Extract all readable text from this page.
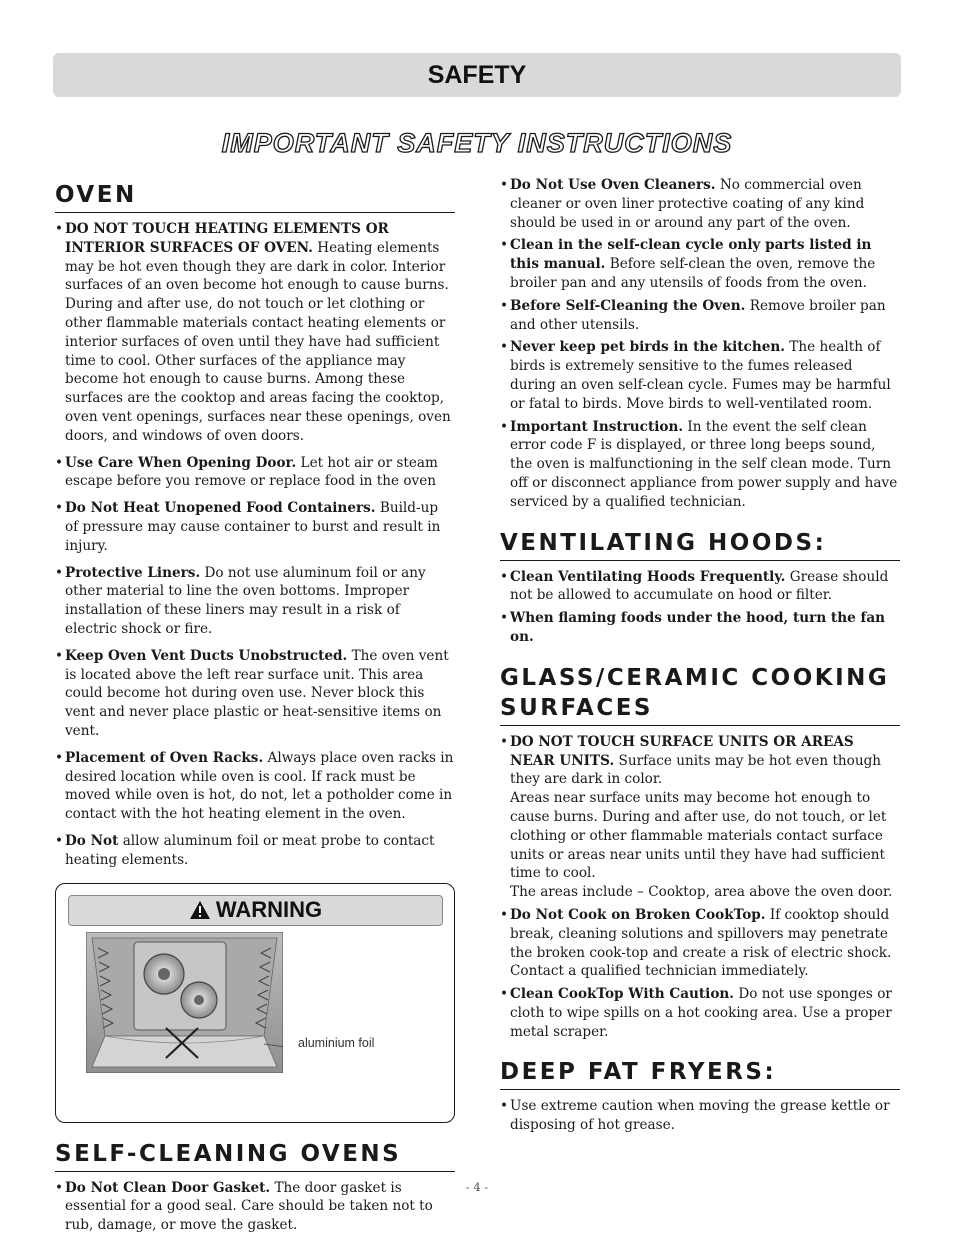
SAFETY
IMPORTANT SAFETY INSTRUCTIONS
OVEN
• DO NOT TOUCH HEATING ELEMENTS OR INTERIOR SURFACES OF OVEN. Heating elements may be hot even though they are dark in color. Interior surfaces of an oven become hot enough to cause burns. During and after use, do not touch or let clothing or other flammable materials contact heating elements or interior surfaces of oven until they have had sufficient time to cool. Other surfaces of the appliance may become hot enough to cause burns. Among these surfaces are the cooktop and areas facing the cooktop, oven vent openings, surfaces near these openings, oven doors, and windows of oven doors.
• Use Care When Opening Door. Let hot air or steam escape before you remove or replace food in the oven
• Do Not Heat Unopened Food Containers. Build-up of pressure may cause container to burst and result in injury.
• Protective Liners. Do not use aluminum foil or any other material to line the oven bottoms. Improper installation of these liners may result in a risk of electric shock or fire.
• Keep Oven Vent Ducts Unobstructed. The oven vent is located above the left rear surface unit. This area could become hot during oven use. Never block this vent and never place plastic or heat-sensitive items on vent.
• Placement of Oven Racks. Always place oven racks in desired location while oven is cool. If rack must be moved while oven is hot, do not, let a potholder come in contact with the hot heating element in the oven.
• Do Not allow aluminum foil or meat probe to contact heating elements.
WARNING
aluminium foil
SELF-CLEANING OVENS
• Do Not Clean Door Gasket. The door gasket is essential for a good seal. Care should be taken not to rub, damage, or move the gasket.
• Do Not Use Oven Cleaners. No commercial oven cleaner or oven liner protective coating of any kind should be used in or around any part of the oven.
• Clean in the self-clean cycle only parts listed in this manual. Before self-clean the oven, remove the broiler pan and any utensils of foods from the oven.
• Before Self-Cleaning the Oven. Remove broiler pan and other utensils.
• Never keep pet birds in the kitchen. The health of birds is extremely sensitive to the fumes released during an oven self-clean cycle. Fumes may be harmful or fatal to birds. Move birds to well-ventilated room.
• Important Instruction. In the event the self clean error code F is displayed, or three long beeps sound, the oven is malfunctioning in the self clean mode. Turn off or disconnect appliance from power supply and have serviced by a qualified technician.
VENTILATING HOODS:
• Clean Ventilating Hoods Frequently. Grease should not be allowed to accumulate on hood or filter.
• When flaming foods under the hood, turn the fan on.
GLASS/CERAMIC COOKING SURFACES
• DO NOT TOUCH SURFACE UNITS OR AREAS NEAR UNITS. Surface units may be hot even though they are dark in color.
Areas near surface units may become hot enough to cause burns. During and after use, do not touch, or let clothing or other flammable materials contact surface units or areas near units until they have had sufficient time to cool.
The areas include – Cooktop, area above the oven door.
• Do Not Cook on Broken CookTop. If cooktop should break, cleaning solutions and spillovers may penetrate the broken cook-top and create a risk of electric shock. Contact a qualified technician immediately.
• Clean CookTop With Caution. Do not use sponges or cloth to wipe spills on a hot cooking area. Use a proper metal scraper.
DEEP FAT FRYERS:
• Use extreme caution when moving the grease kettle or disposing of hot grease.
- 4 -
